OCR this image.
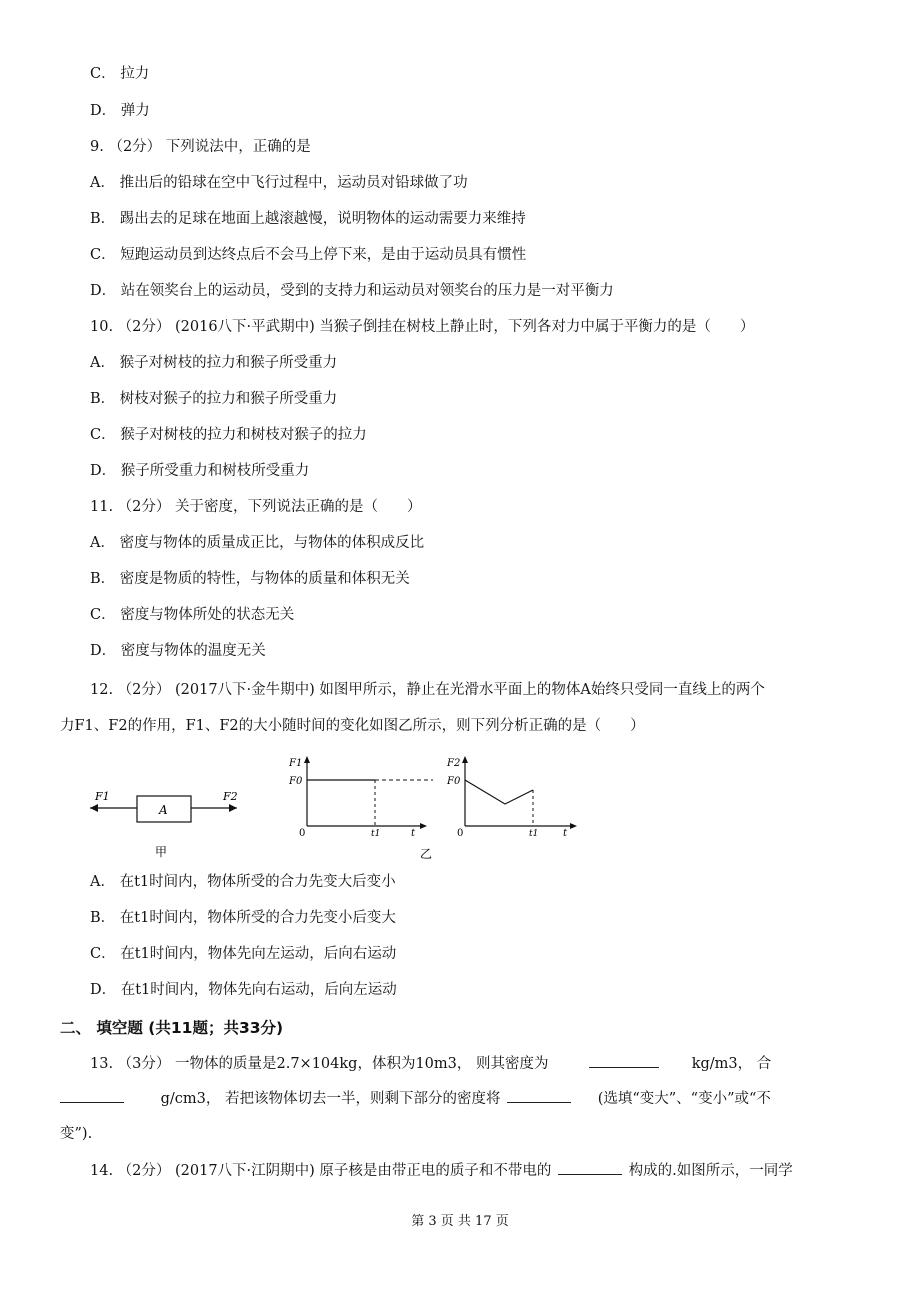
C． 拉力
D． 弹力
9. （2分） 下列说法中，正确的是
A． 推出后的铅球在空中飞行过程中，运动员对铅球做了功
B． 踢出去的足球在地面上越滚越慢，说明物体的运动需要力来维持
C． 短跑运动员到达终点后不会马上停下来，是由于运动员具有惯性
D． 站在领奖台上的运动员，受到的支持力和运动员对领奖台的压力是一对平衡力
10. （2分） (2016八下·平武期中) 当猴子倒挂在树枝上静止时，下列各对力中属于平衡力的是（　　）
A． 猴子对树枝的拉力和猴子所受重力
B． 树枝对猴子的拉力和猴子所受重力
C． 猴子对树枝的拉力和树枝对猴子的拉力
D． 猴子所受重力和树枝所受重力
11. （2分） 关于密度，下列说法正确的是（　　）
A． 密度与物体的质量成正比，与物体的体积成反比
B． 密度是物质的特性，与物体的质量和体积无关
C． 密度与物体所处的状态无关
D． 密度与物体的温度无关
12. （2分） (2017八下·金牛期中) 如图甲所示，静止在光滑水平面上的物体A始终只受同一直线上的两个
力F1、F2的作用，F1、F2的大小随时间的变化如图乙所示，则下列分析正确的是（　　）
A
F1	F2
甲
F1
F0
0	t1	t
乙
F2
F0
0	t1 t
A． 在t1时间内，物体所受的合力先变大后变小
B． 在t1时间内，物体所受的合力先变小后变大
C． 在t1时间内，物体先向左运动，后向右运动
D． 在t1时间内，物体先向右运动，后向左运动
二、 填空题 (共11题；共33分)
13. （3分） 一物体的质量是2.7×104kg，体积为10m3， 则其密度为	kg/m3， 合
g/cm3， 若把该物体切去一半，则剩下部分的密度将	(选填“变大”、“变小”或“不
变”).
14. （2分） (2017八下·江阴期中) 原子核是由带正电的质子和不带电的	构成的.如图所示，一同学
第 3 页 共 17 页
